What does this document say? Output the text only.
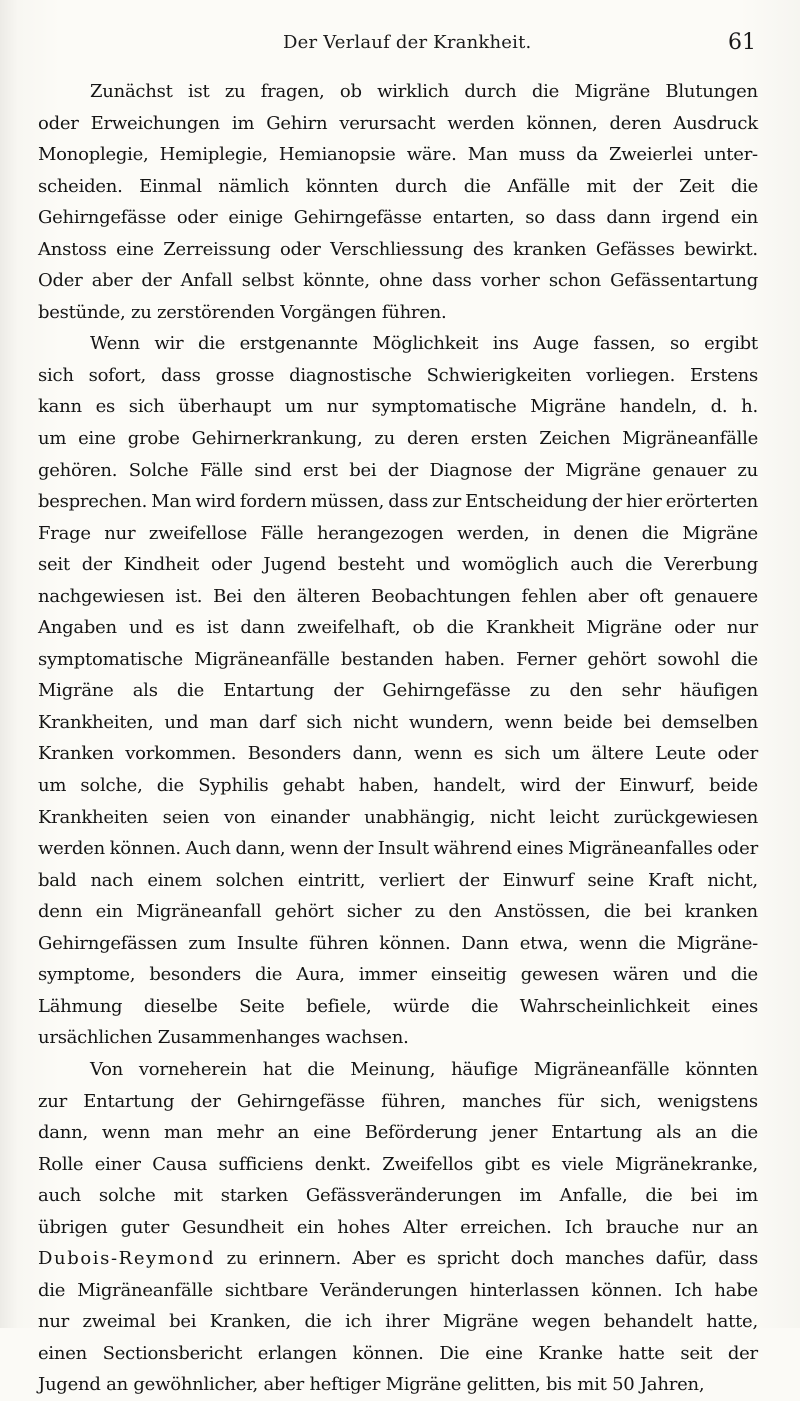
Der Verlauf der Krankheit.	61
Zunächst ist zu fragen, ob wirklich durch die Migräne Blutungen
oder Erweichungen im Gehirn verursacht werden können, deren Ausdruck
Monoplegie, Hemiplegie, Hemianopsie wäre. Man muss da Zweierlei unter-
scheiden. Einmal nämlich könnten durch die Anfälle mit der Zeit die
Gehirngefässe oder einige Gehirngefässe entarten, so dass dann irgend ein
Anstoss eine Zerreissung oder Verschliessung des kranken Gefässes bewirkt.
Oder aber der Anfall selbst könnte, ohne dass vorher schon Gefässentartung
bestünde,
zu
zerstörenden
Vorgängen
führen.
Wenn wir die erstgenannte Möglichkeit ins Auge fassen, so ergibt
sich sofort, dass grosse diagnostische Schwierigkeiten vorliegen. Erstens
kann es sich überhaupt um nur symptomatische Migräne handeln, d. h.
um eine grobe Gehirnerkrankung, zu deren ersten Zeichen Migräneanfälle
gehören. Solche Fälle sind erst bei der Diagnose der Migräne genauer zu
besprechen. Man wird fordern müssen, dass zur Entscheidung der hier erörterten
Frage nur zweifellose Fälle herangezogen werden, in denen die Migräne
seit der Kindheit oder Jugend besteht und womöglich auch die Vererbung
nachgewiesen ist. Bei den älteren Beobachtungen fehlen aber oft genauere
Angaben und es ist dann zweifelhaft, ob die Krankheit Migräne oder nur
symptomatische Migräneanfälle bestanden haben. Ferner gehört sowohl die
Migräne als die Entartung der Gehirngefässe zu den sehr häufigen
Krankheiten, und man darf sich nicht wundern, wenn beide bei demselben
Kranken vorkommen. Besonders dann, wenn es sich um ältere Leute oder
um solche, die Syphilis gehabt haben, handelt, wird der Einwurf, beide
Krankheiten seien von einander unabhängig, nicht leicht zurückgewiesen
werden können. Auch dann, wenn der Insult während eines Migräneanfalles oder
bald nach einem solchen eintritt, verliert der Einwurf seine Kraft nicht,
denn ein Migräneanfall gehört sicher zu den Anstössen, die bei kranken
Gehirngefässen zum Insulte führen können. Dann etwa, wenn die Migräne-
symptome, besonders die Aura, immer einseitig gewesen wären und die
Lähmung dieselbe Seite befiele, würde die Wahrscheinlichkeit eines
ursächlichen
Zusammenhanges
wachsen.
Von vorneherein hat die Meinung, häufige Migräneanfälle könnten
zur Entartung der Gehirngefässe führen, manches für sich, wenigstens
dann, wenn man mehr an eine Beförderung jener Entartung als an die
Rolle einer Causa sufficiens denkt. Zweifellos gibt es viele Migränekranke,
auch solche mit starken Gefässveränderungen im Anfalle, die bei im
übrigen guter Gesundheit ein hohes Alter erreichen. Ich brauche nur an
Dubois-Reymond zu erinnern. Aber es spricht doch manches dafür, dass
die Migräneanfälle sichtbare Veränderungen hinterlassen können. Ich habe
nur zweimal bei Kranken, die ich ihrer Migräne wegen behandelt hatte,
einen Sectionsbericht erlangen können. Die eine Kranke hatte seit der
Jugend
an
gewöhnlicher,
aber
heftiger
Migräne
gelitten,
bis
mit
50
Jahren,
